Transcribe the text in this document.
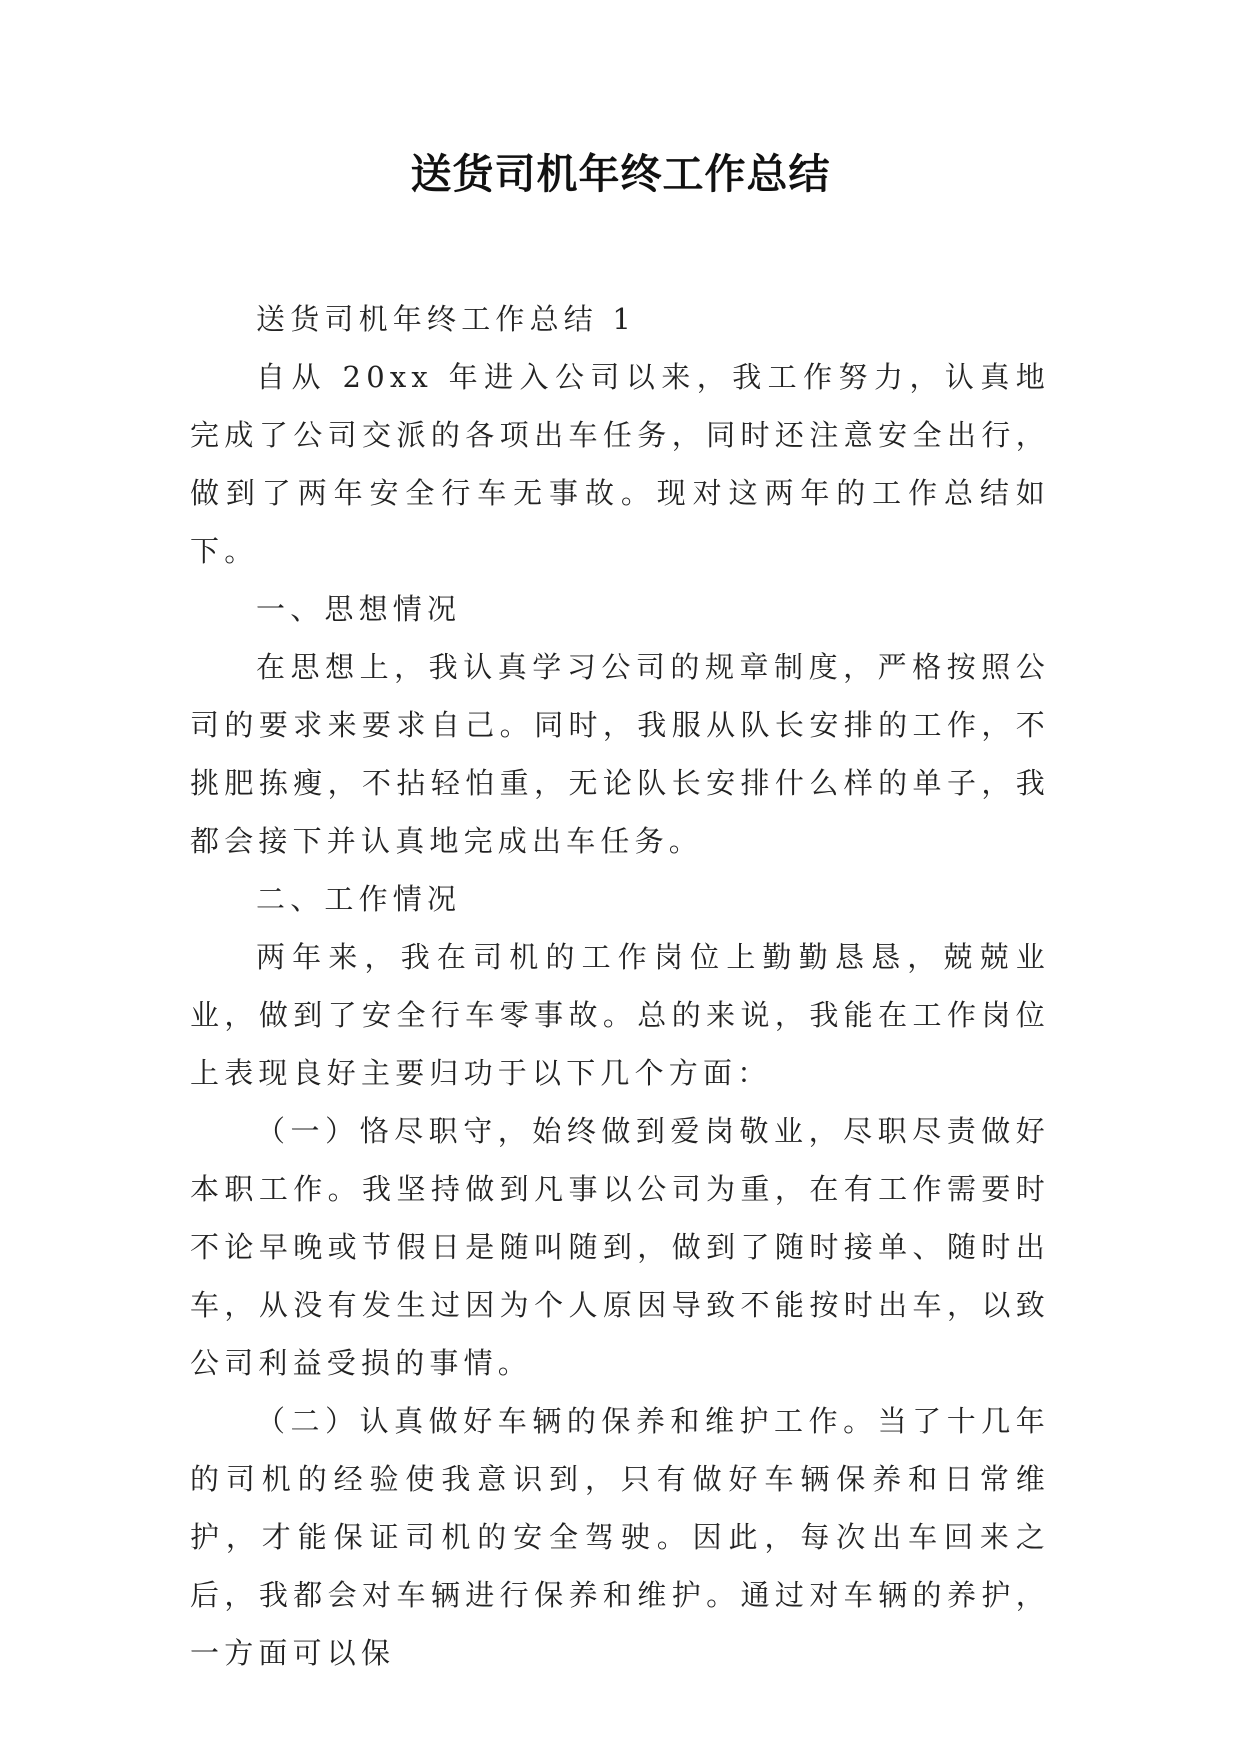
送货司机年终工作总结

送货司机年终工作总结 1

自从 20xx 年进入公司以来，我工作努力，认真地完成了公司交派的各项出车任务，同时还注意安全出行，做到了两年安全行车无事故。现对这两年的工作总结如下。

一、思想情况

在思想上，我认真学习公司的规章制度，严格按照公司的要求来要求自己。同时，我服从队长安排的工作，不挑肥拣瘦，不拈轻怕重，无论队长安排什么样的单子，我都会接下并认真地完成出车任务。

二、工作情况

两年来，我在司机的工作岗位上勤勤恳恳，兢兢业业，做到了安全行车零事故。总的来说，我能在工作岗位上表现良好主要归功于以下几个方面：

（一）恪尽职守，始终做到爱岗敬业，尽职尽责做好本职工作。我坚持做到凡事以公司为重，在有工作需要时不论早晚或节假日是随叫随到，做到了随时接单、随时出车，从没有发生过因为个人原因导致不能按时出车，以致公司利益受损的事情。

（二）认真做好车辆的保养和维护工作。当了十几年的司机的经验使我意识到，只有做好车辆保养和日常维护，才能保证司机的安全驾驶。因此，每次出车回来之后，我都会对车辆进行保养和维护。通过对车辆的养护，一方面可以保
